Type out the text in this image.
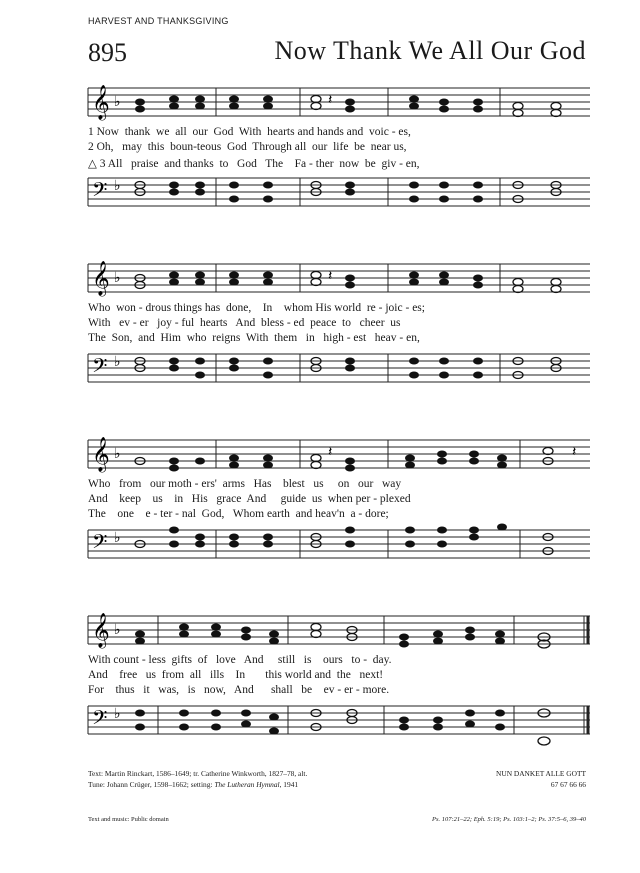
HARVEST AND THANKSGIVING
895	Now Thank We All Our God
𝄞 ♭	𝄽
1 Now  thank  we  all  our  God  With  hearts and hands and  voic - es,
2 Oh,   may  this  boun-teous  God  Through all  our  life  be  near us,
△ 3 All   praise  and thanks  to   God   The    Fa - ther  now  be  giv - en,
𝄢 ♭
𝄞 ♭	𝄽
Who  won - drous things has  done,    In    whom His world  re - joic - es;
With   ev - er   joy - ful  hearts   And  bless - ed  peace  to   cheer  us
The  Son,  and  Him  who  reigns  With  them   in   high - est   heav - en,
𝄢 ♭
𝄞 ♭	𝄽	𝄽
Who   from   our moth - ers'  arms   Has    blest   us     on   our   way
And    keep    us    in   His   grace  And     guide  us  when per - plexed
The    one    e - ter - nal  God,   Whom earth  and heav'n  a - dore;
𝄢 ♭
𝄞 ♭
With count - less  gifts  of   love   And     still   is    ours   to -  day.
And    free   us  from  all   ills    In       this world and  the   next!
For    thus   it   was,   is   now,   And      shall   be    ev - er - more.
𝄢 ♭
Text: Martin Rinckart, 1586–1649; tr. Catherine Winkworth, 1827–78, alt.
Tune: Johann Crüger, 1598–1662; setting: The Lutheran Hymnal, 1941
NUN DANKET ALLE GOTT
67 67 66 66
Text and music: Public domain	Ps. 107:21–22; Eph. 5:19; Ps. 103:1–2; Ps. 37:5–6, 39–40
